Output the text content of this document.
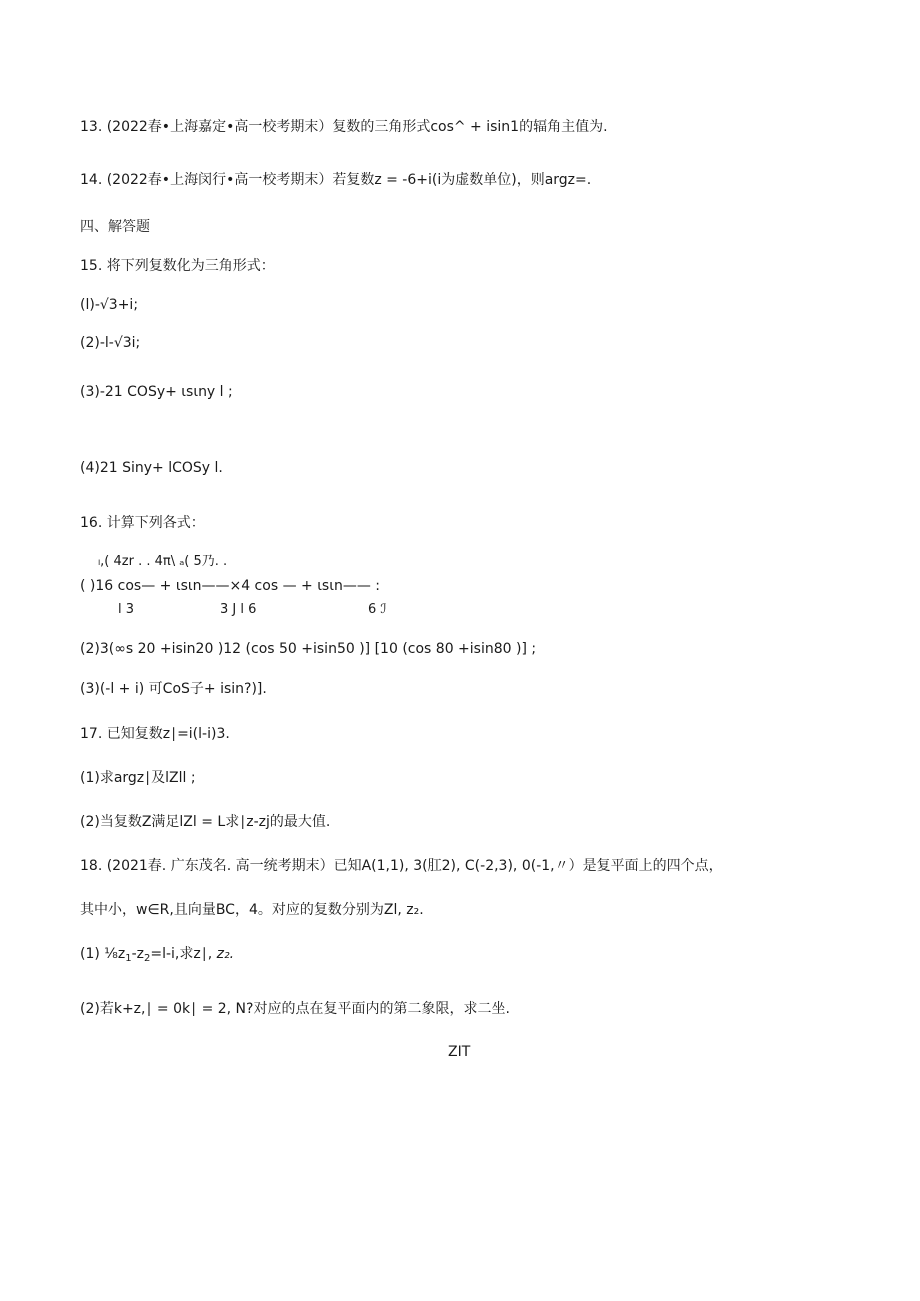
13. (2022春•上海嘉定•高一校考期末）复数的三角形式cos^ + isin1的辐角主值为.
14. (2022春•上海闵行•高一校考期末）若复数z = -6+i(i为虚数单位)，则argz=.
四、解答题
15. 将下列复数化为三角形式：
(l)-√3+i;
(2)-l-√3i;
(3)-21 COSy+ ιsιny l ;
(4)21 Siny+ lCOSy l.
16. 计算下列各式：
ₗ,( 4zr . . 4π\ ₐ( 5乃. .
( )16 cos— + ιsιn——×4 cos — + ιsιn—— :
l 3	3 J l 6	6 ℐ
(2)3(∞s 20 +isin20 )12 (cos 50 +isin50 )] [10 (cos 80 +isin80 )] ;
(3)(-l + i) 可CoS子+ isin?)].
17. 已知复数z∣=i(l-i)3.
(1)求argz∣及lZll ;
(2)当复数Z满足lZl = L求∣z-zj的最大值.
18. (2021春. 广东茂名. 高一统考期末）已知A(1,1), 3(肛2), C(-2,3), 0(-1,〃）是复平面上的四个点，
其中小，w∈R,且向量BC，4。对应的复数分别为Zl, z₂.
(1) $\frac{1}{8}z_1-z_2=l-i$,求z∣, z₂.
(2)若k+z,∣ = 0k∣ = 2, N?对应的点在复平面内的第二象限，求二坐.
ZIT
